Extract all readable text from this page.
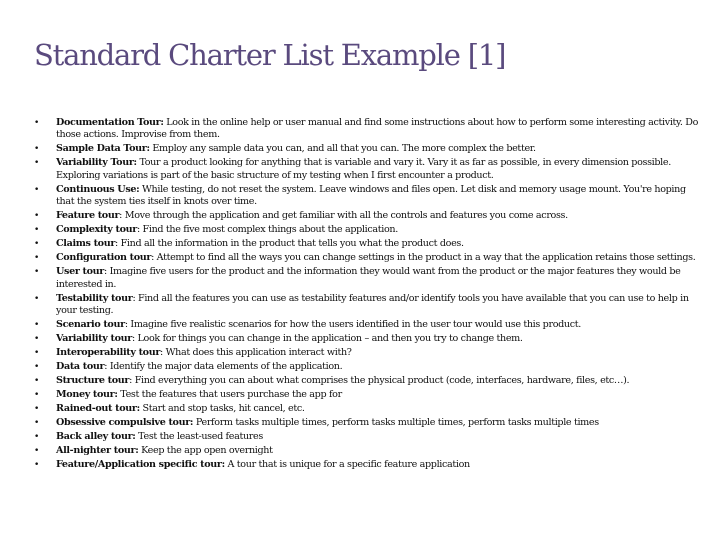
Standard Charter List Example [1]
• Documentation Tour: Look in the online help or user manual and find some instructions about how to perform some interesting activity. Do those actions. Improvise from them.
• Sample Data Tour: Employ any sample data you can, and all that you can. The more complex the better.
• Variability Tour: Tour a product looking for anything that is variable and vary it. Vary it as far as possible, in every dimension possible. Exploring variations is part of the basic structure of my testing when I first encounter a product.
• Continuous Use: While testing, do not reset the system. Leave windows and files open. Let disk and memory usage mount. You're hoping that the system ties itself in knots over time.
• Feature tour: Move through the application and get familiar with all the controls and features you come across.
• Complexity tour: Find the five most complex things about the application.
• Claims tour: Find all the information in the product that tells you what the product does.
• Configuration tour: Attempt to find all the ways you can change settings in the product in a way that the application retains those settings.
• User tour: Imagine five users for the product and the information they would want from the product or the major features they would be interested in.
• Testability tour: Find all the features you can use as testability features and/or identify tools you have available that you can use to help in your testing.
• Scenario tour: Imagine five realistic scenarios for how the users identified in the user tour would use this product.
• Variability tour: Look for things you can change in the application – and then you try to change them.
• Interoperability tour: What does this application interact with?
• Data tour: Identify the major data elements of the application.
• Structure tour: Find everything you can about what comprises the physical product (code, interfaces, hardware, files, etc…).
• Money tour: Test the features that users purchase the app for
• Rained-out tour: Start and stop tasks, hit cancel, etc.
• Obsessive compulsive tour: Perform tasks multiple times, perform tasks multiple times, perform tasks multiple times
• Back alley tour: Test the least-used features
• All-nighter tour: Keep the app open overnight
• Feature/Application specific tour: A tour that is unique for a specific feature application
